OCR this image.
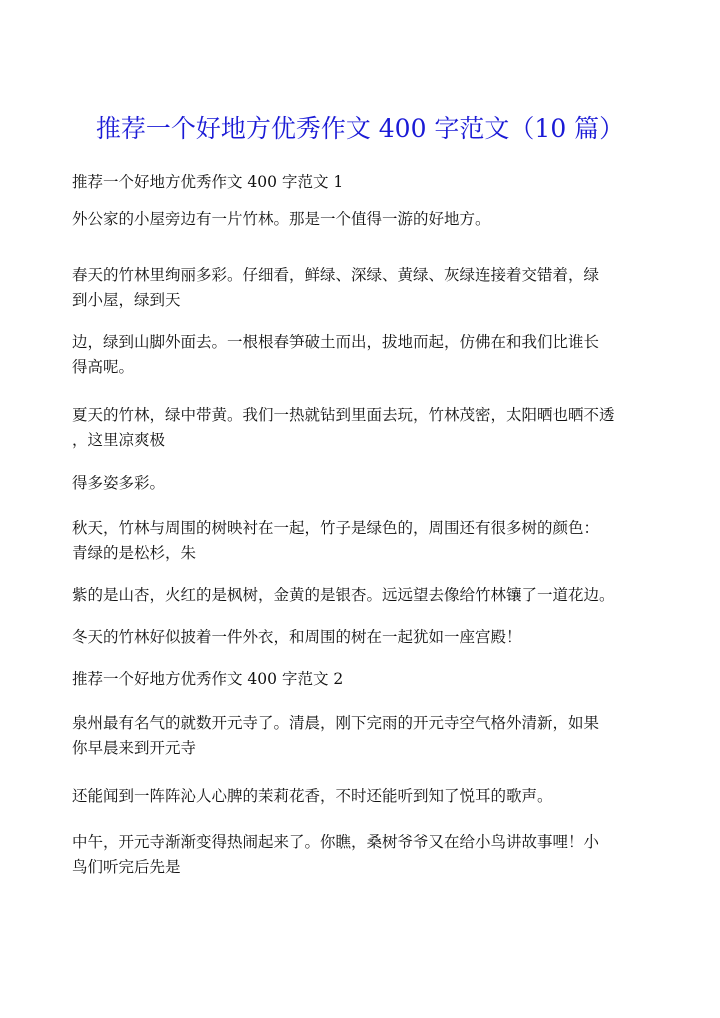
推荐一个好地方优秀作文 400 字范文（10 篇）
推荐一个好地方优秀作文 400 字范文 1
外公家的小屋旁边有一片竹林。那是一个值得一游的好地方。
春天的竹林里绚丽多彩。仔细看，鲜绿、深绿、黄绿、灰绿连接着交错着，绿
到小屋，绿到天
边，绿到山脚外面去。一根根春笋破土而出，拔地而起，仿佛在和我们比谁长
得高呢。
夏天的竹林，绿中带黄。我们一热就钻到里面去玩，竹林茂密，太阳晒也晒不透
，这里凉爽极
得多姿多彩。
秋天，竹林与周围的树映衬在一起，竹子是绿色的，周围还有很多树的颜色：
青绿的是松杉，朱
紫的是山杏，火红的是枫树，金黄的是银杏。远远望去像给竹林镶了一道花边。
冬天的竹林好似披着一件外衣，和周围的树在一起犹如一座宫殿！
推荐一个好地方优秀作文 400 字范文 2
泉州最有名气的就数开元寺了。清晨，刚下完雨的开元寺空气格外清新，如果
你早晨来到开元寺
还能闻到一阵阵沁人心脾的茉莉花香，不时还能听到知了悦耳的歌声。
中午，开元寺渐渐变得热闹起来了。你瞧，桑树爷爷又在给小鸟讲故事哩！小
鸟们听完后先是
